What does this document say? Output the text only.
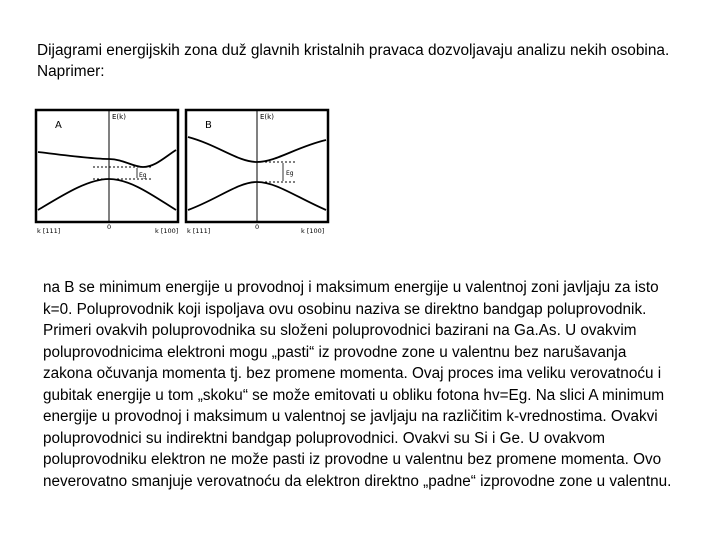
Dijagrami energijskih zona duž glavnih kristalnih pravaca dozvoljavaju analizu nekih osobina. Naprimer:

A
E(k)
Eg
k [111]	0	k [100]
B
E(k)
Eg
k [111]	0	k [100]

na B se minimum energije u provodnoj i maksimum energije u valentnoj zoni javljaju za isto k=0. Poluprovodnik koji ispoljava ovu osobinu naziva se direktno bandgap poluprovodnik. Primeri ovakvih poluprovodnika su složeni poluprovodnici bazirani na Ga.As. U ovakvim poluprovodnicima elektroni mogu „pasti“ iz provodne zone u valentnu bez narušavanja zakona očuvanja momenta tj. bez promene momenta. Ovaj proces ima veliku verovatnoću i gubitak energije u tom „skoku“ se može emitovati u obliku fotona hv=Eg. Na slici A minimum energije u provodnoj i maksimum u valentnoj se javljaju na različitim k-vrednostima. Ovakvi poluprovodnici su indirektni bandgap poluprovodnici. Ovakvi su Si i Ge. U ovakvom poluprovodniku elektron ne može pasti iz provodne u valentnu bez promene momenta. Ovo neverovatno smanjuje verovatnoću da elektron direktno „padne“ izprovodne zone u valentnu.
